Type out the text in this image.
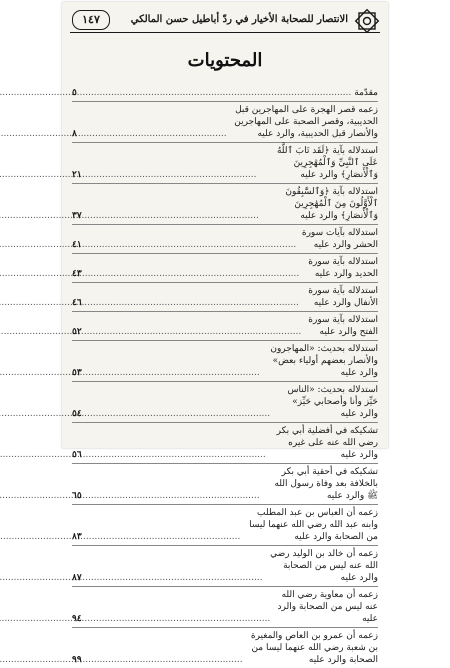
الانتصار للصحابة الأخيار في ردّ أباطيل حسن المالكي
١٤٧
المحتويات
مقدّمة
.....
٥
زعمه قصر الهجرة على المهاجرين قبل الحديبية، وقصر الصحبة على المهاجرين والأنصار قبل الحديبية، والرد عليه
.....
٨
استدلاله بآية ﴿لَقَد تَابَ ٱللَّهُ عَلَى ٱلنَّبِيِّ وَٱلْمُهَٰجِرِينَ وَٱلْأَنصَارِ﴾ والرد عليه
.....
٢١
استدلاله بآية ﴿وَٱلسَّٰبِقُونَ ٱلْأَوَّلُونَ مِنَ ٱلْمُهَٰجِرِينَ وَٱلْأَنصَارِ﴾ والرد عليه
.....
٣٧
استدلاله بآيات سورة الحشر والرد عليه
.....
٤١
استدلاله بآية سورة الحديد والرد عليه
.....
٤٣
استدلاله بآية سورة الأنفال والرد عليه
.....
٤٦
استدلاله بآية سورة الفتح والرد عليه
.....
٥٢
استدلاله بحديث: «المهاجرون والأنصار بعضهم أولياء بعض» والرد عليه
.....
٥٣
استدلاله بحديث: «الناس حَيِّز وأنا وأصحابي حَيِّز» والرد عليه
.....
٥٤
تشكيكه في أفضلية أبي بكر رضي الله عنه على غيره والرد عليه
.....
٥٦
تشكيكه في أحقية أبي بكر بالخلافة بعد وفاة رسول الله ﷺ والرد عليه
.....
٦٥
زعمه أن العباس بن عبد المطلب وابنه عبد الله رضي الله عنهما ليسا من الصحابة والرد عليه
.....
٨٣
زعمه أن خالد بن الوليد رضي الله عنه ليس من الصحابة والرد عليه
.....
٨٧
زعمه أن معاوية رضي الله عنه ليس من الصحابة والرد عليه
.....
٩٤
زعمه أن عمرو بن العاص والمغيرة بن شعبة رضي الله عنهما ليسا من الصحابة والرد عليه
.....
٩٩
